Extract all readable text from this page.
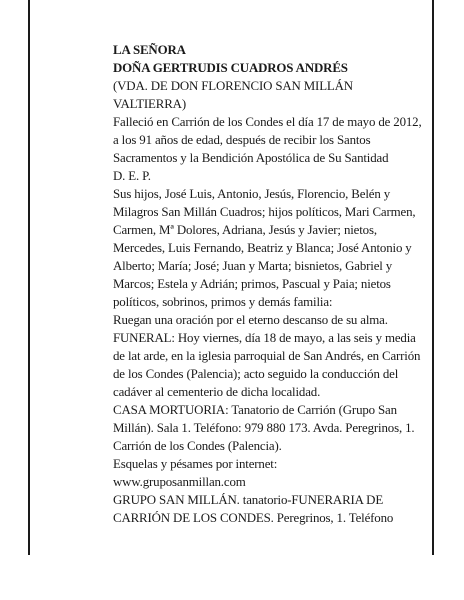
LA SEÑORA

DOÑA GERTRUDIS CUADROS ANDRÉS

(VDA. DE DON FLORENCIO SAN MILLÁN VALTIERRA)

Falleció en Carrión de los Condes el día 17 de mayo de 2012, a los 91 años de edad, después de recibir los Santos Sacramentos y la Bendición Apostólica de Su Santidad

D. E. P.

Sus hijos, José Luis, Antonio, Jesús, Florencio, Belén y Milagros San Millán Cuadros; hijos políticos, Mari Carmen, Carmen, Mª Dolores, Adriana, Jesús y Javier; nietos, Mercedes, Luis Fernando, Beatriz y Blanca; José Antonio y Alberto; María; José; Juan y Marta; bisnietos, Gabriel y Marcos; Estela y Adrián; primos, Pascual y Paia; nietos políticos, sobrinos, primos y demás familia:

Ruegan una oración por el eterno descanso de su alma.

FUNERAL: Hoy viernes, día 18 de mayo, a las seis y media de lat arde, en la iglesia parroquial de San Andrés, en Carrión de los Condes (Palencia); acto seguido la conducción del cadáver al cementerio de dicha localidad.

CASA MORTUORIA: Tanatorio de Carrión (Grupo San Millán). Sala 1. Teléfono: 979 880 173. Avda. Peregrinos, 1. Carrión de los Condes (Palencia).

Esquelas y pésames por internet:

www.gruposanmillan.com

GRUPO SAN MILLÁN. tanatorio-FUNERARIA DE CARRIÓN DE LOS CONDES. Peregrinos, 1. Teléfono
